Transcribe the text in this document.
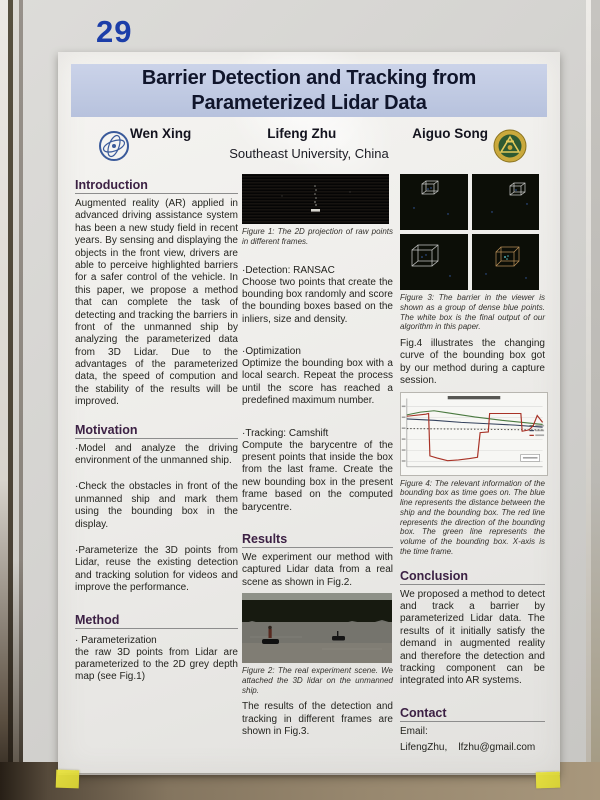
29
Barrier Detection and Tracking from
Parameterized Lidar Data
Wen Xing	Lifeng Zhu	Aiguo Song
Southeast University, China
Introduction
Augmented reality (AR) applied in advanced driving assistance system has been a new study field in recent years. By sensing and displaying the objects in the front view, drivers are able to perceive highlighted barriers for a safer control of the vehicle. In this paper, we propose a method that can complete the task of detecting and tracking the barriers in front of the unmanned ship by analyzing the parameterized data from 3D Lidar. Due to the advantages of the parameterized data, the speed of compution and the stability of the results will be improved.
Motivation
·Model and analyze the driving environment of the unmanned ship.
·Check the obstacles in front of the unmanned ship and mark them using the bounding box in the display.
·Parameterize the 3D points from Lidar, reuse the existing detection and tracking solution for videos and improve the performance.
Method
· Parameterization
the raw 3D points from Lidar are parameterized to the 2D grey depth map (see Fig.1)
Figure 1: The 2D projection of raw points in different frames.
·Detection: RANSAC
Choose two points that create the bounding box randomly and score the bounding boxes based on the inliers, size and density.
·Optimization
Optimize the bounding box with a local search. Repeat the process until the score has reached a predefined maximum number.
·Tracking: Camshift
Compute the barycentre of the present points that inside the box from the last frame. Create the new bounding box in the present frame based on the computed barycentre.
Results
We experiment our method with captured Lidar data from a real scene as shown in Fig.2.
Figure 2: The real experiment scene. We attached the 3D lidar on the unmanned ship.
The results of the detection and tracking in different frames are shown in Fig.3.
Figure 3: The barrier in the viewer is shown as a group of dense blue points. The white box is the final output of our algorithm in this paper.
Fig.4 illustrates the changing curve of the bounding box got by our method during a capture session.
Figure 4: The relevant information of the bounding box as time goes on. The blue line represents the distance between the ship and the bounding box. The red line represents the direction of the bounding box. The green line represents the volume of the bounding box. X-axis is the time frame.
Conclusion
We proposed a method to detect and track a barrier by parameterized Lidar data. The results of it initially satisfy the demand in augmented reality and therefore the detection and tracking component can be integrated into AR systems.
Contact
Email:
LifengZhu,    lfzhu@gmail.com
